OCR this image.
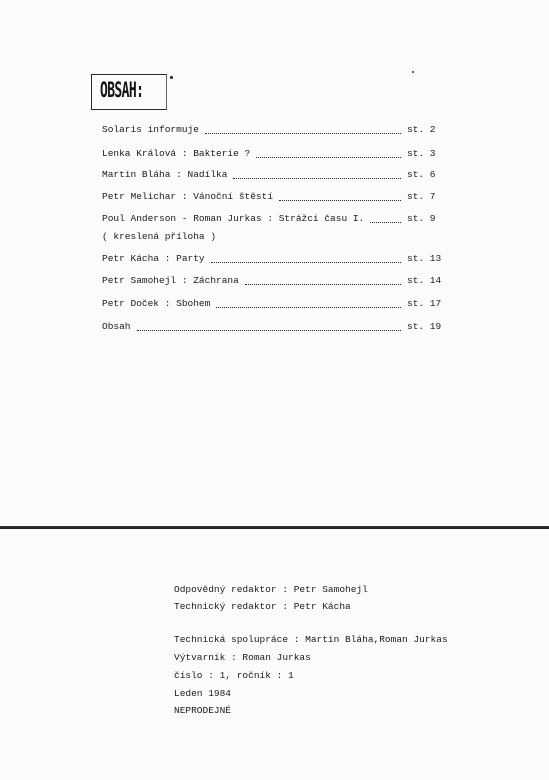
OBSAH:
Solaris informuje	st. 2
Lenka Králová : Bakterie ?	st. 3
Martin Bláha : Nadílka	st. 6
Petr Melichar : Vánoční štěstí	st. 7
Poul Anderson - Roman Jurkas : Strážci času I.	st. 9
( kreslená příloha )
Petr Kácha : Party	st. 13
Petr Samohejl : Záchrana	st. 14
Petr Doček : Sbohem	st. 17
Obsah	st. 19
Odpovědný redaktor : Petr Samohejl
Technický redaktor : Petr Kácha
Technická spolupráce : Martin Bláha,Roman Jurkas
Výtvarník : Roman Jurkas
číslo : 1, ročník : 1
Leden 1984
NEPRODEJNÉ
